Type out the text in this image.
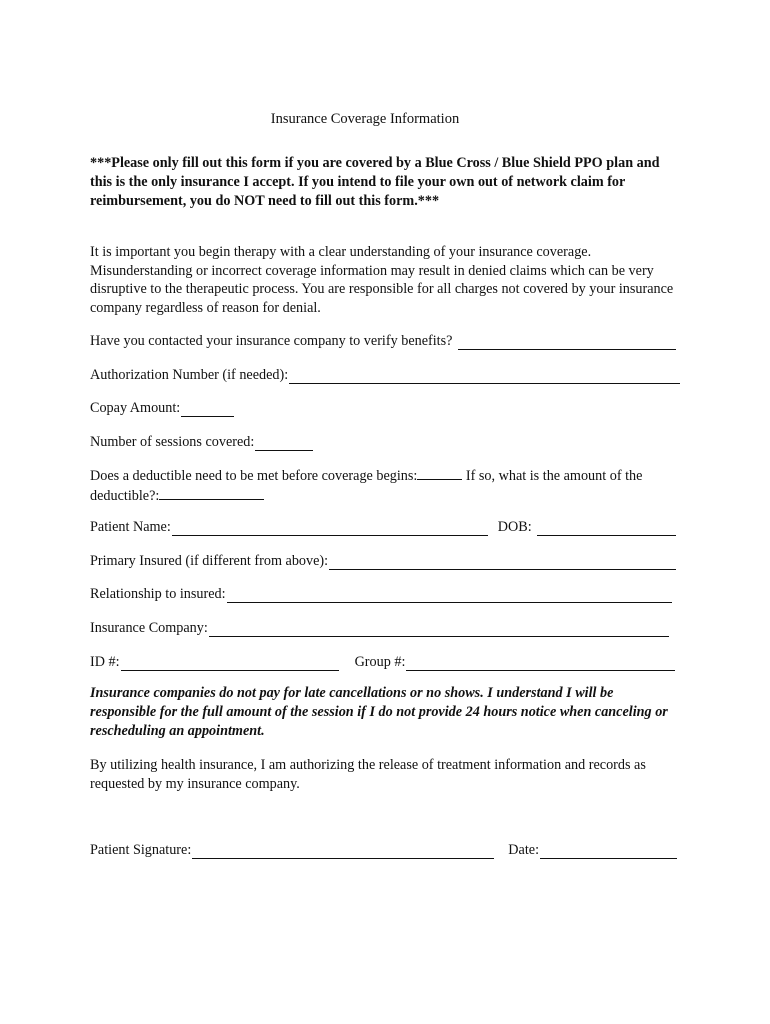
Insurance Coverage Information
***Please only fill out this form if you are covered by a Blue Cross / Blue Shield PPO plan and this is the only insurance I accept. If you intend to file your own out of network claim for reimbursement, you do NOT need to fill out this form.***
It is important you begin therapy with a clear understanding of your insurance coverage. Misunderstanding or incorrect coverage information may result in denied claims which can be very disruptive to the therapeutic process. You are responsible for all charges not covered by your insurance company regardless of reason for denial.
Have you contacted your insurance company to verify benefits?
Authorization Number (if needed):
Copay Amount:
Number of sessions covered:
Does a deductible need to be met before coverage begins:	If so, what is the amount of the deductible?:
Patient Name:	DOB:
Primary Insured (if different from above):
Relationship to insured:
Insurance Company:
ID #:	Group #:
Insurance companies do not pay for late cancellations or no shows. I understand I will be responsible for the full amount of the session if I do not provide 24 hours notice when canceling or rescheduling an appointment.
By utilizing health insurance, I am authorizing the release of treatment information and records as requested by my insurance company.
Patient Signature:	Date:
